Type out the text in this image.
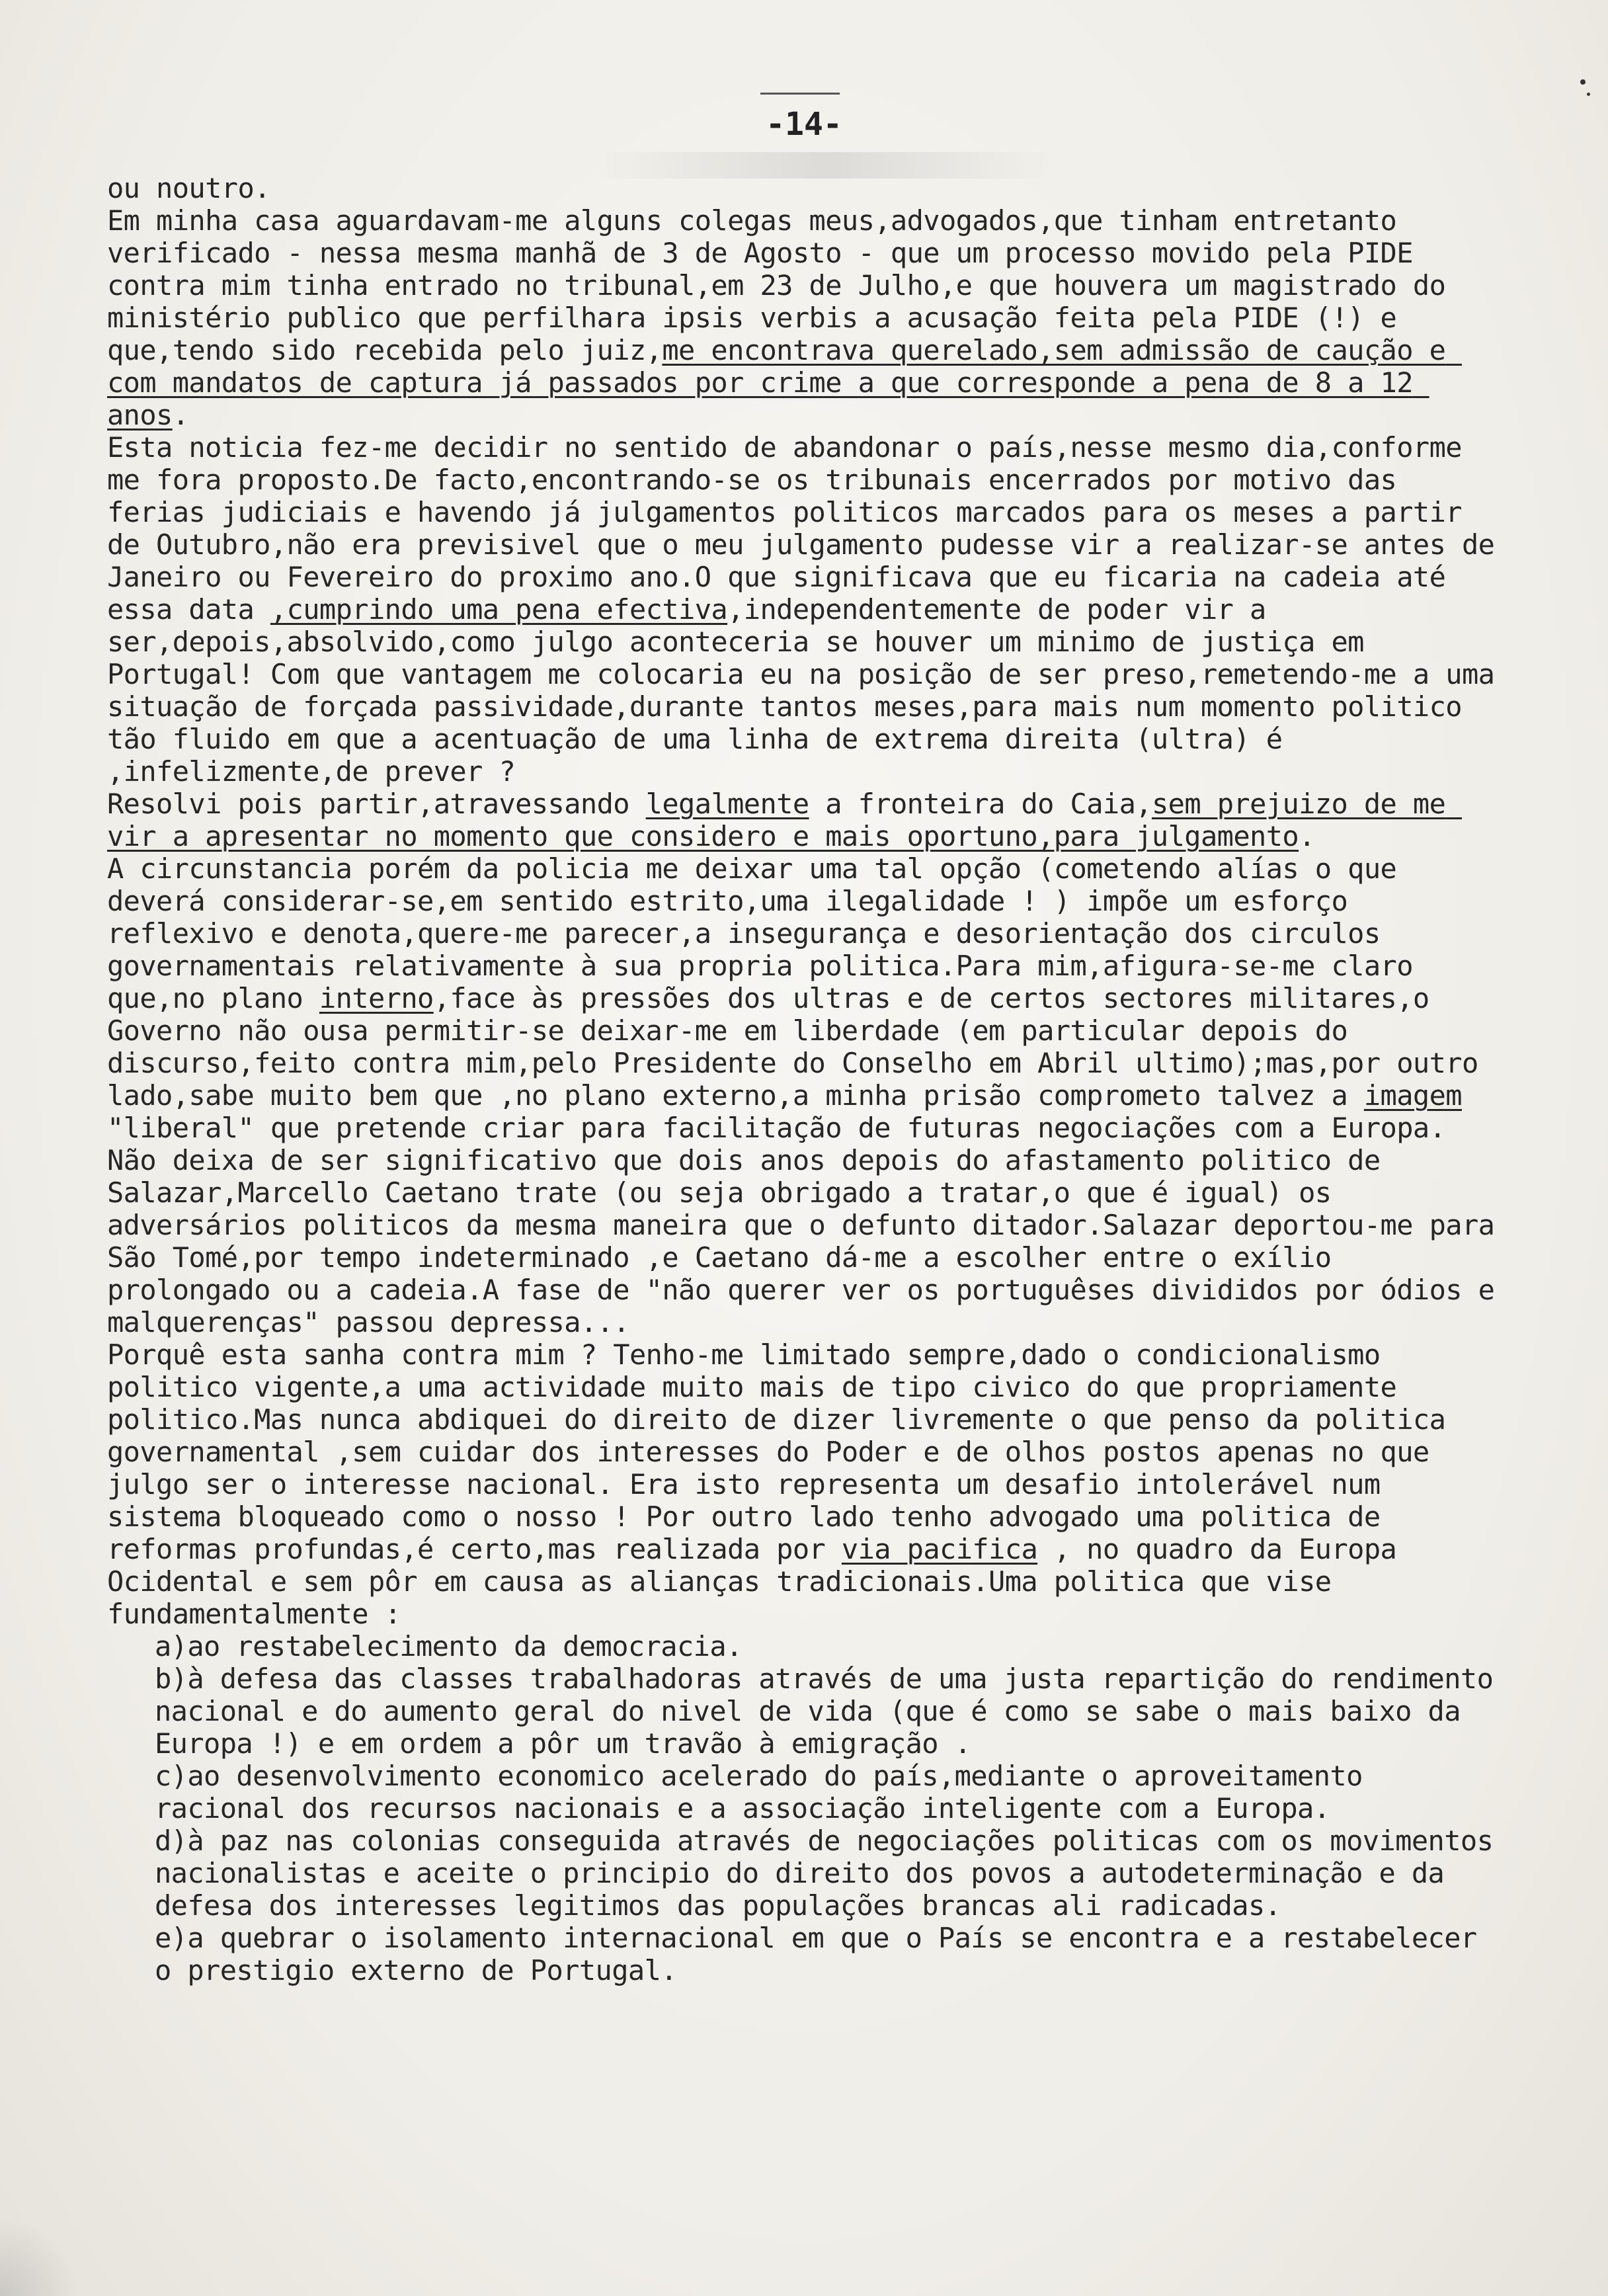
-14-

ou noutro.

Em minha casa aguardavam-me alguns colegas meus,advogados,que tinham entretanto verificado - nessa mesma manhã de 3 de Agosto - que um processo movido pela PIDE contra mim tinha entrado no tribunal,em 23 de Julho,e que houvera um magistrado do ministério publico que perfilhara ipsis verbis a acusação feita pela PIDE (!) e que,tendo sido recebida pelo juiz,me encontrava querelado,sem admissão de caução e com mandatos de captura já passados por crime a que corresponde a pena de 8 a 12 anos.

Esta noticia fez-me decidir no sentido de abandonar o país,nesse mesmo dia,conforme me fora proposto.De facto,encontrando-se os tribunais encerrados por motivo das ferias judiciais e havendo já julgamentos politicos marcados para os meses a partir de Outubro,não era previsivel que o meu julgamento pudesse vir a realizar-se antes de Janeiro ou Fevereiro do proximo ano.O que significava que eu ficaria na cadeia até essa data ,cumprindo uma pena efectiva,independentemente de poder vir a ser,depois,absolvido,como julgo aconteceria se houver um minimo de justiça em Portugal! Com que vantagem me colocaria eu na posição de ser preso,remetendo-me a uma situação de forçada passividade,durante tantos meses,para mais num momento politico tão fluido em que a acentuação de uma linha de extrema direita (ultra) é ,infelizmente,de prever ?

Resolvi pois partir,atravessando legalmente a fronteira do Caia,sem prejuizo de me vir a apresentar no momento que considero e mais oportuno,para julgamento.

A circunstancia porém da policia me deixar uma tal opção (cometendo alías o que deverá considerar-se,em sentido estrito,uma ilegalidade ! ) impõe um esforço reflexivo e denota,quere-me parecer,a insegurança e desorientação dos circulos governamentais relativamente à sua propria politica.Para mim,afigura-se-me claro que,no plano interno,face às pressões dos ultras e de certos sectores militares,o Governo não ousa permitir-se deixar-me em liberdade (em particular depois do discurso,feito contra mim,pelo Presidente do Conselho em Abril ultimo);mas,por outro lado,sabe muito bem que ,no plano externo,a minha prisão comprometo talvez a imagem "liberal" que pretende criar para facilitação de futuras negociações com a Europa.

Não deixa de ser significativo que dois anos depois do afastamento politico de Salazar,Marcello Caetano trate (ou seja obrigado a tratar,o que é igual) os adversários politicos da mesma maneira que o defunto ditador.Salazar deportou-me para São Tomé,por tempo indeterminado ,e Caetano dá-me a escolher entre o exílio prolongado ou a cadeia.A fase de "não querer ver os portuguêses divididos por ódios e malquerenças" passou depressa...

Porquê esta sanha contra mim ? Tenho-me limitado sempre,dado o condicionalismo politico vigente,a uma actividade muito mais de tipo civico do que propriamente politico.Mas nunca abdiquei do direito de dizer livremente o que penso da politica governamental ,sem cuidar dos interesses do Poder e de olhos postos apenas no que julgo ser o interesse nacional. Era isto representa um desafio intolerável num sistema bloqueado como o nosso ! Por outro lado tenho advogado uma politica de reformas profundas,é certo,mas realizada por via pacifica , no quadro da Europa Ocidental e sem pôr em causa as alianças tradicionais.Uma politica que vise fundamentalmente :

a)ao restabelecimento da democracia.

b)à defesa das classes trabalhadoras através de uma justa repartição do rendimento nacional e do aumento geral do nivel de vida (que é como se sabe o mais baixo da Europa !) e em ordem a pôr um travão à emigração .

c)ao desenvolvimento economico acelerado do país,mediante o aproveitamento racional dos recursos nacionais e a associação inteligente com a Europa.

d)à paz nas colonias conseguida através de negociações politicas com os movimentos nacionalistas e aceite o principio do direito dos povos a autodeterminação e da defesa dos interesses legitimos das populações brancas ali radicadas.

e)a quebrar o isolamento internacional em que o País se encontra e a restabelecer o prestigio externo de Portugal.
